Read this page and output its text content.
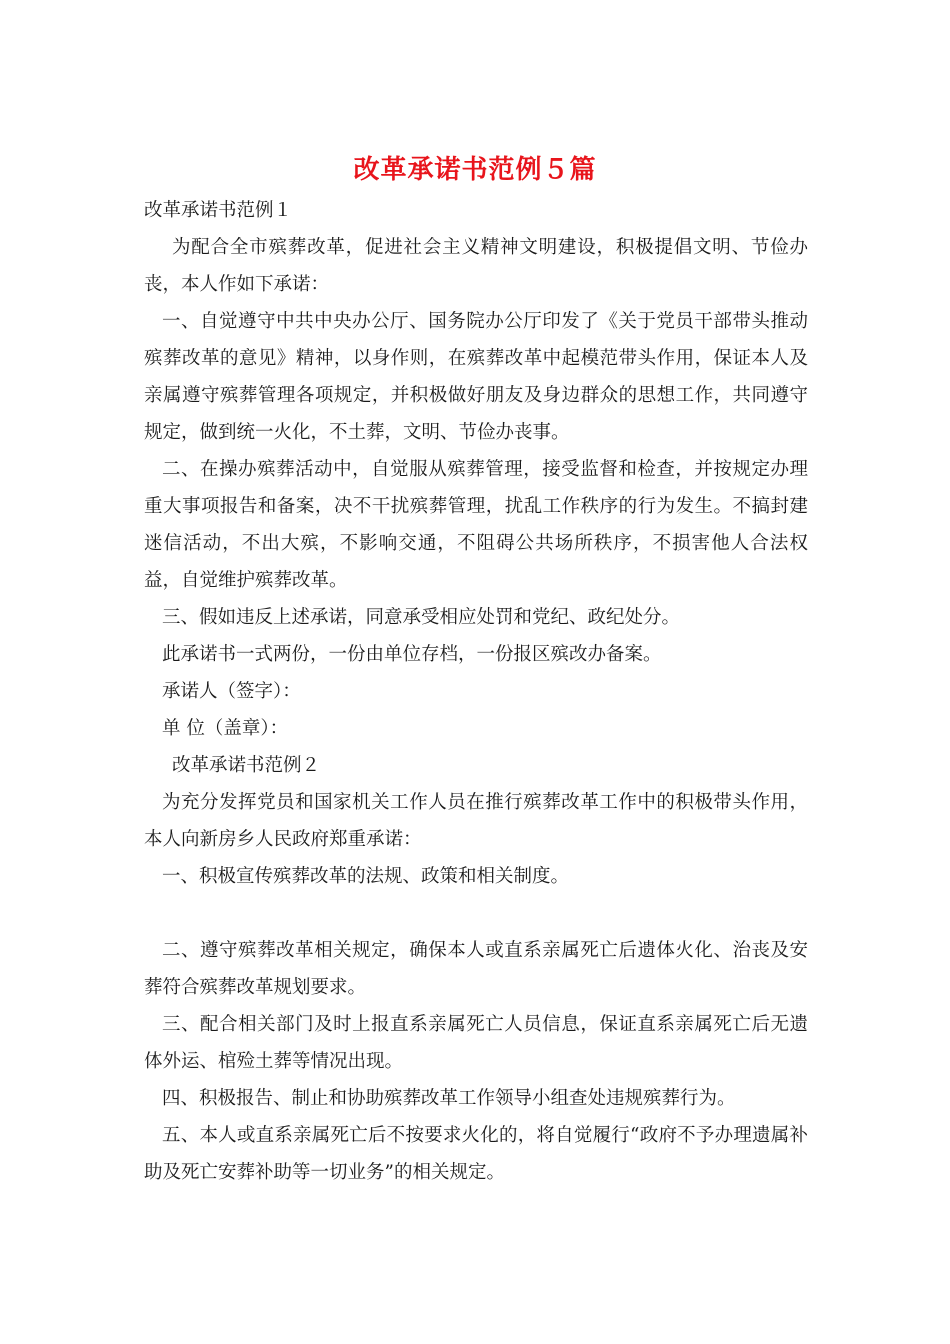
改革承诺书范例５篇

改革承诺书范例１

为配合全市殡葬改革，促进社会主义精神文明建设，积极提倡文明、节俭办丧，本人作如下承诺：

一、自觉遵守中共中央办公厅、国务院办公厅印发了《关于党员干部带头推动殡葬改革的意见》精神，以身作则，在殡葬改革中起模范带头作用，保证本人及亲属遵守殡葬管理各项规定，并积极做好朋友及身边群众的思想工作，共同遵守规定，做到统一火化，不土葬，文明、节俭办丧事。

二、在操办殡葬活动中，自觉服从殡葬管理，接受监督和检查，并按规定办理重大事项报告和备案，决不干扰殡葬管理，扰乱工作秩序的行为发生。不搞封建迷信活动，不出大殡，不影响交通，不阻碍公共场所秩序，不损害他人合法权益，自觉维护殡葬改革。

三、假如违反上述承诺，同意承受相应处罚和党纪、政纪处分。

此承诺书一式两份，一份由单位存档，一份报区殡改办备案。

承诺人（签字）：

单 位（盖章）：

改革承诺书范例２

为充分发挥党员和国家机关工作人员在推行殡葬改革工作中的积极带头作用，本人向新房乡人民政府郑重承诺：

一、积极宣传殡葬改革的法规、政策和相关制度。

二、遵守殡葬改革相关规定，确保本人或直系亲属死亡后遗体火化、治丧及安葬符合殡葬改革规划要求。

三、配合相关部门及时上报直系亲属死亡人员信息，保证直系亲属死亡后无遗体外运、棺殓土葬等情况出现。

四、积极报告、制止和协助殡葬改革工作领导小组查处违规殡葬行为。

五、本人或直系亲属死亡后不按要求火化的，将自觉履行“政府不予办理遗属补助及死亡安葬补助等一切业务”的相关规定。
